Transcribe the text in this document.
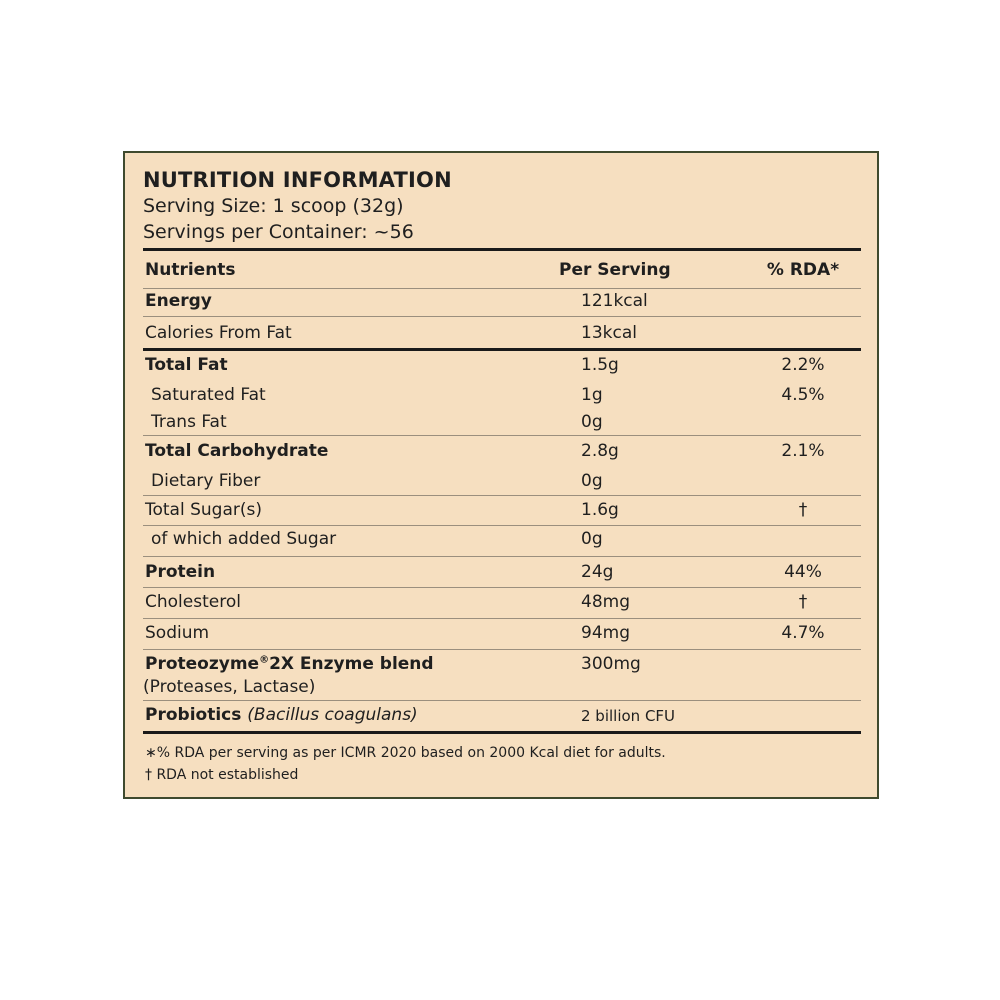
NUTRITION INFORMATION
Serving Size: 1 scoop (32g)
Servings per Container: ~56
Nutrients	Per Serving	% RDA*
Energy	121kcal
Calories From Fat	13kcal
Total Fat	1.5g	2.2%
Saturated Fat	1g	4.5%
Trans Fat	0g
Total Carbohydrate	2.8g	2.1%
Dietary Fiber	0g
Total Sugar(s)	1.6g	†
of which added Sugar	0g
Protein	24g	44%
Cholesterol	48mg	†
Sodium	94mg	4.7%
Proteozyme®2X Enzyme blend	300mg
(Proteases, Lactase)
Probiotics (Bacillus coagulans)	2 billion CFU
∗% RDA per serving as per ICMR 2020 based on 2000 Kcal diet for adults.
† RDA not established
